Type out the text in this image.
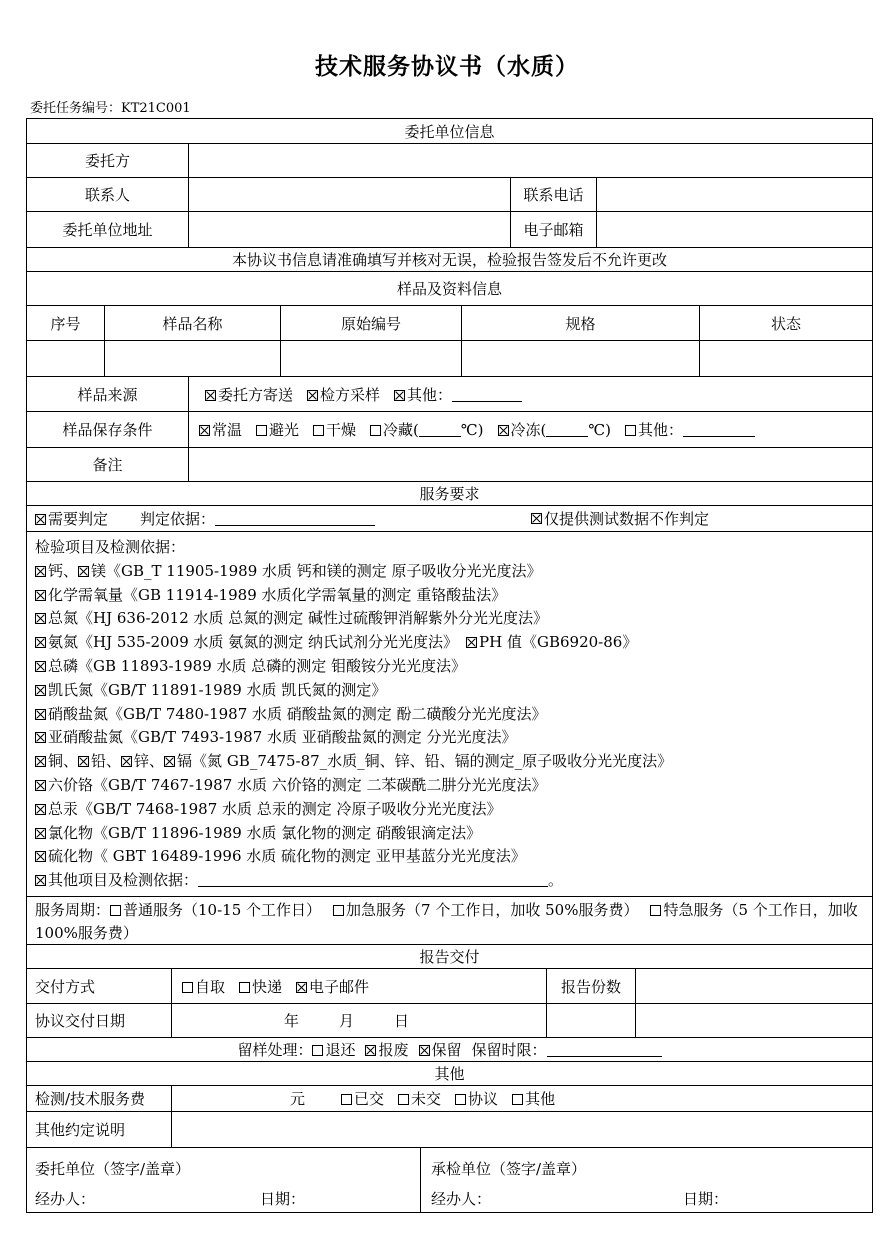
技术服务协议书（水质）
委托任务编号：KT21C001
委托单位信息
委托方
联系人	联系电话
委托单位地址	电子邮箱
本协议书信息请准确填写并核对无误，检验报告签发后不允许更改
样品及资料信息
序号	样品名称	原始编号	规格	状态
样品来源	委托方寄送	检方采样	其他：
样品保存条件	常温	避光	干燥	冷藏(	℃)	冷冻(	℃)	其他：
备注
服务要求
需要判定 判定依据：	仅提供测试数据不作判定
检验项目及检测依据：
钙、 镁《GB_T 11905-1989 水质 钙和镁的测定 原子吸收分光光度法》
化学需氧量《GB 11914-1989 水质化学需氧量的测定 重铬酸盐法》
总氮《HJ 636-2012 水质 总氮的测定 碱性过硫酸钾消解紫外分光光度法》
氨氮《HJ 535-2009 水质 氨氮的测定 纳氏试剂分光光度法》 PH 值《GB6920-86》
总磷《GB 11893-1989 水质 总磷的测定 钼酸铵分光光度法》
凯氏氮《GB/T 11891-1989 水质 凯氏氮的测定》
硝酸盐氮《GB/T 7480-1987 水质 硝酸盐氮的测定 酚二磺酸分光光度法》
亚硝酸盐氮《GB/T 7493-1987 水质 亚硝酸盐氮的测定 分光光度法》
铜、 铅、 锌、 镉《氮 GB_7475-87_水质_铜、锌、铅、镉的测定_原子吸收分光光度法》
六价铬《GB/T 7467-1987 水质 六价铬的测定 二苯碳酰二肼分光光度法》
总汞《GB/T 7468-1987 水质 总汞的测定 冷原子吸收分光光度法》
氯化物《GB/T 11896-1989 水质 氯化物的测定 硝酸银滴定法》
硫化物《 GBT 16489-1996 水质 硫化物的测定 亚甲基蓝分光光度法》
其他项目及检测依据：	。
服务周期： 普通服务（10-15 个工作日） 加急服务（7 个工作日，加收 50%服务费） 特急服务（5 个工作日，加收 100%服务费）
报告交付
交付方式	自取	快递	电子邮件	报告份数
协议交付日期	年	月	日
留样处理： 退还	报废	保留 保留时限：
其他
检测/技术服务费	元	已交	未交	协议	其他
其他约定说明
委托单位（签字/盖章）
经办人：	日期：
承检单位（签字/盖章）
经办人：	日期：
